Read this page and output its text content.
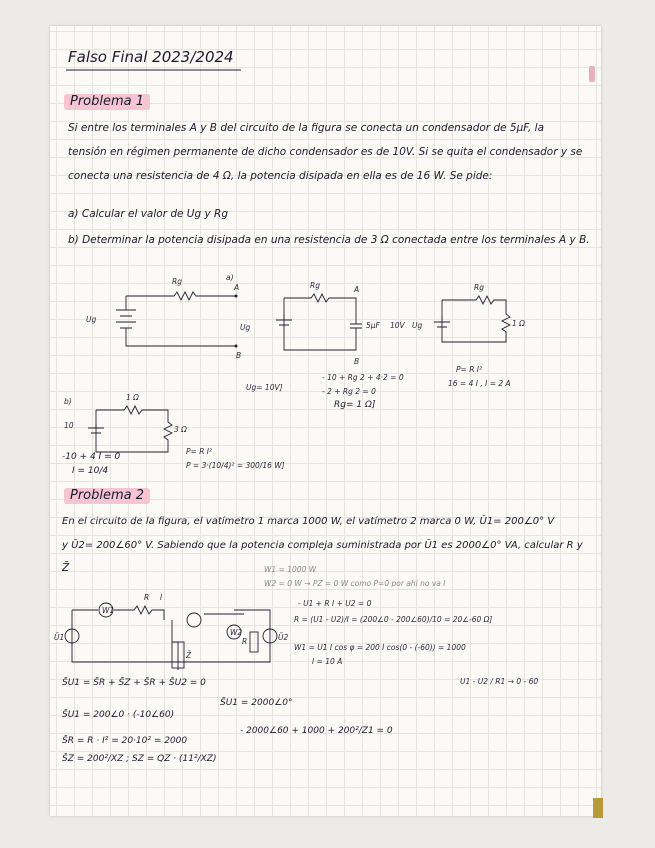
Falso Final 2023/2024
Problema 1
Si entre los terminales A y B del circuito de la figura se conecta un condensador de 5μF, la
tensión en régimen permanente de dicho condensador es de 10V. Si se quita el condensador y se
conecta una resistencia de 4 Ω, la potencia disipada en ella es de 16 W. Se pide:
a) Calcular el valor de Ug y Rg
b) Determinar la potencia disipada en una resistencia de 3 Ω conectada entre los terminales A y B.
Rg
A
B
Ug
a)
Rg	A
B
5μF
Ug
Ug= 10V]
- 10 + Rg 2 + 4·2 = 0
- 2 + Rg 2 = 0
Rg= 1 Ω]
10V Ug
Rg
1 Ω
P= R I²
16 = 4 I , I = 2 A
b)	1 Ω
3 Ω
10
P= R I²
P = 3·(10/4)² = 300/16 W]
-10 + 4 I = 0
I = 10/4
Problema 2
En el circuito de la figura, el vatímetro 1 marca 1000 W, el vatímetro 2 marca 0 W, Ū1= 200∠0° V
y Ū2= 200∠60° V. Sabiendo que la potencia compleja suministrada por Ū1 es 2000∠0° VA, calcular R y
Z̄
Ū1	Ū2
W1
W2
R I
R
Z̄
W1 = 1000 W
W2 = 0 W → PZ = 0 W como P=0 por ahí no va I
- U1 + R I + U2 = 0
R = (U1 - U2)/I = (200∠0 - 200∠60)/10 = 20∠-60 Ω]
W1 = U1 I cos φ = 200 I cos(0 - (-60)) = 1000
I = 10 A
U1 - U2 / R1 → 0 - 60
S̄U1 = S̄R + S̄Z + S̄R + S̄U2 = 0
S̄U1 = 200∠0 · (-10∠60)
S̄U1 = 2000∠0°
- 2000∠60 + 1000 + 200²/Z1 = 0
S̄R = R · I² = 20·10² = 2000
S̄Z = 200²/XZ ; SZ = QZ · (11²/XZ)
